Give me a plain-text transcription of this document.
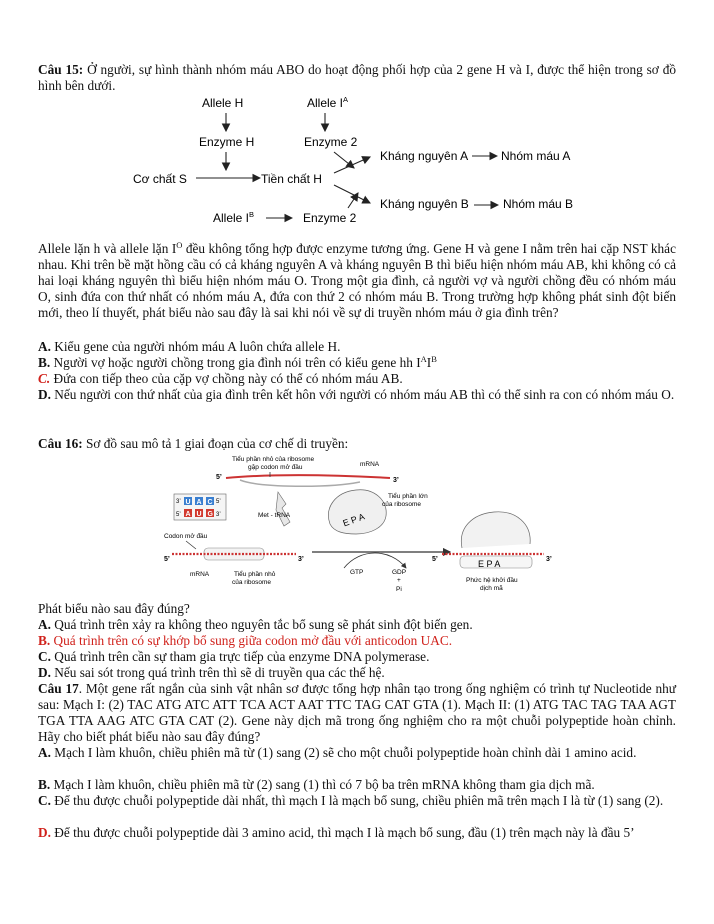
Câu 15: Ở người, sự hình thành nhóm máu ABO do hoạt động phối hợp của 2 gene H và I, được thể hiện trong sơ đồ hình bên dưới.

Allele H	Allele $I^A$
Enzyme H	Enzyme 2
Cơ chất S	Tiền chất H
Kháng nguyên A	Nhóm máu A
Kháng nguyên B	Nhóm máu B
Allele $I^B$	Enzyme 2

Allele lặn h và allele lặn $I^O$ đều không tổng hợp được enzyme tương ứng. Gene H và gene I nằm trên hai cặp NST khác nhau. Khi trên bề mặt hồng cầu có cả kháng nguyên A và kháng nguyên B thì biểu hiện nhóm máu AB, khi không có cả hai loại kháng nguyên thì biểu hiện nhóm máu O. Trong một gia đình, cả người vợ và người chồng đều có nhóm máu O, sinh đứa con thứ nhất có nhóm máu A, đứa con thứ 2 có nhóm máu B. Trong trường hợp không phát sinh đột biến mới, theo lí thuyết, phát biểu nào sau đây là sai khi nói về sự di truyền nhóm máu ở gia đình trên?

A. Kiểu gene của người nhóm máu A luôn chứa allele H.

B. Người vợ hoặc người chồng trong gia đình nói trên có kiểu gene hh $I^AI^B$

C. Đứa con tiếp theo của cặp vợ chồng này có thể có nhóm máu AB.

D. Nếu người con thứ nhất của gia đình trên kết hôn với người có nhóm máu AB thì có thể sinh ra con có nhóm máu O.

Câu 16: Sơ đồ sau mô tả 1 giai đoạn của cơ chế di truyền:

Tiểu phần nhỏ của ribosome
gặp codon mở đầu	mRNA
5’	3’
3’ U A C 5’
5’ A U G 3’	Met - tRNA	E P A
Tiểu phần lớn
của ribosome
Codon mở đầu
5’	3’
mRNA	Tiểu phần nhỏ
của ribosome
GTP	GDP
+
Pi
5’	3’
E P A
Phức hệ khởi đầu
dịch mã

Phát biểu nào sau đây đúng?

A. Quá trình trên xảy ra không theo nguyên tắc bổ sung sẽ phát sinh đột biến gen.

B. Quá trình trên có sự khớp bổ sung giữa codon mở đầu với anticodon UAC.

C. Quá trình trên cần sự tham gia trực tiếp của enzyme DNA polymerase.

D. Nếu sai sót trong quá trình trên thì sẽ di truyền qua các thế hệ.

Câu 17. Một gene rất ngắn của sinh vật nhân sơ được tổng hợp nhân tạo trong ống nghiệm có trình tự Nucleotide như sau: Mạch I: (2) TAC ATG ATC ATT TCA ACT AAT TTC TAG CAT GTA (1). Mạch II: (1) ATG TAC TAG TAA AGT TGA TTA AAG ATC GTA CAT (2). Gene này dịch mã trong ống nghiệm cho ra một chuỗi polypeptide hoàn chỉnh. Hãy cho biết phát biểu nào sau đây đúng?

A. Mạch I làm khuôn, chiều phiên mã từ (1) sang (2) sẽ cho một chuỗi polypeptide hoàn chỉnh dài 1 amino acid.

B. Mạch I làm khuôn, chiều phiên mã từ (2) sang (1) thì có 7 bộ ba trên mRNA không tham gia dịch mã.

C. Để thu được chuỗi polypeptide dài nhất, thì mạch I là mạch bổ sung, chiều phiên mã trên mạch I là từ (1) sang (2).

D. Để thu được chuỗi polypeptide dài 3 amino acid, thì mạch I là mạch bổ sung, đầu (1) trên mạch này là đầu 5’
